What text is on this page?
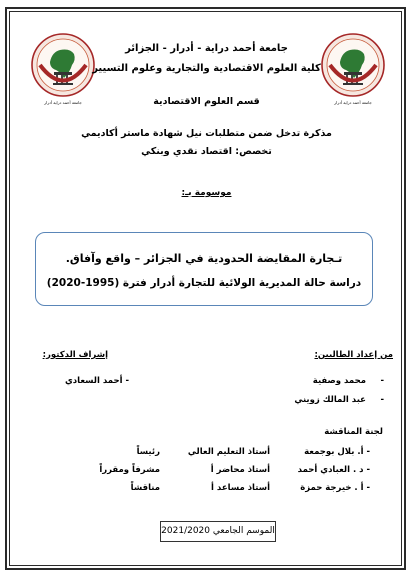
جامعة أحمد دراية أدرار	جامعة أحمد دراية أدرار
جامعة أحمد دراية - أدرار - الجزائر
كلية العلوم الاقتصادية والتجارية وعلوم التسيير
قسم العلوم الاقتصادية
مذكرة تدخل ضمن متطلبات نيل شهادة ماستر أكاديمي
تخصص: اقتصاد نقدي وبنكي
موسومة بـ:
تـجارة المقايضة الحدودية في الجزائر – واقع وآفاق.
دراسة حالة المديرية الولائية للتجارة أدرار فترة (1995-2020)
من إعداد الطالبين:
إشراف الدكتور:
-
محمد وصفية
-
عبد المالك زويني
- أحمد السعادي
لجنة المناقشة
- أ. بلال بوجمعة
أستاذ التعليم العالي
رئيساً
- د . العبادي أحمد
أستاذ محاضر أ
مشرفاً ومقرراً
- أ . خيرجة حمزة
أستاذ مساعد أ
مناقشاً
الموسم الجامعي 2021/2020
